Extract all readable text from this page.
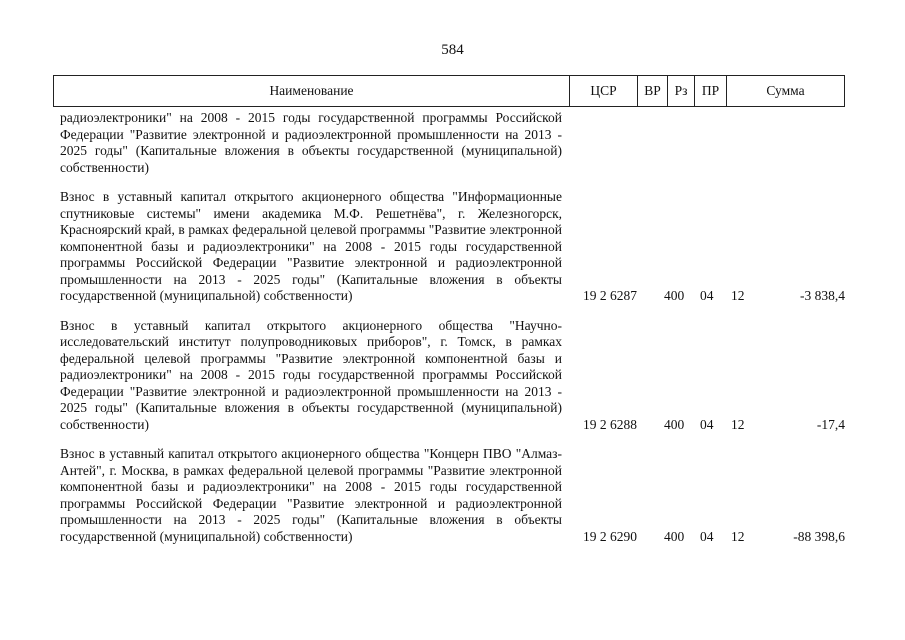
584
Наименование	ЦСР	ВР	Рз	ПР	Сумма
радиоэлектроники" на 2008 - 2015 годы государственной программы Российской Федерации "Развитие электронной и радиоэлектронной промышленности на 2013 - 2025 годы" (Капитальные вложения в объекты государственной (муниципальной) собственности)
Взнос в уставный капитал открытого акционерного общества "Информационные спутниковые системы" имени академика М.Ф. Решетнёва", г. Железногорск, Красноярский край, в рамках федеральной целевой программы "Развитие электронной компонентной базы и радиоэлектроники" на 2008 - 2015 годы государственной программы Российской Федерации "Развитие электронной и радиоэлектронной промышленности на 2013 - 2025 годы" (Капитальные вложения в объекты государственной (муниципальной) собственности)	19 2 6287	400	04	12	-3 838,4
Взнос в уставный капитал открытого акционерного общества "Научно-исследовательский институт полупроводниковых приборов", г. Томск, в рамках федеральной целевой программы "Развитие электронной компонентной базы и радиоэлектроники" на 2008 - 2015 годы государственной программы Российской Федерации "Развитие электронной и радиоэлектронной промышленности на 2013 - 2025 годы" (Капитальные вложения в объекты государственной (муниципальной) собственности)	19 2 6288	400	04	12	-17,4
Взнос в уставный капитал открытого акционерного общества "Концерн ПВО "Алмаз-Антей", г. Москва, в рамках федеральной целевой программы "Развитие электронной компонентной базы и радиоэлектроники" на 2008 - 2015 годы государственной программы Российской Федерации "Развитие электронной и радиоэлектронной промышленности на 2013 - 2025 годы" (Капитальные вложения в объекты государственной (муниципальной) собственности)	19 2 6290	400	04	12	-88 398,6
